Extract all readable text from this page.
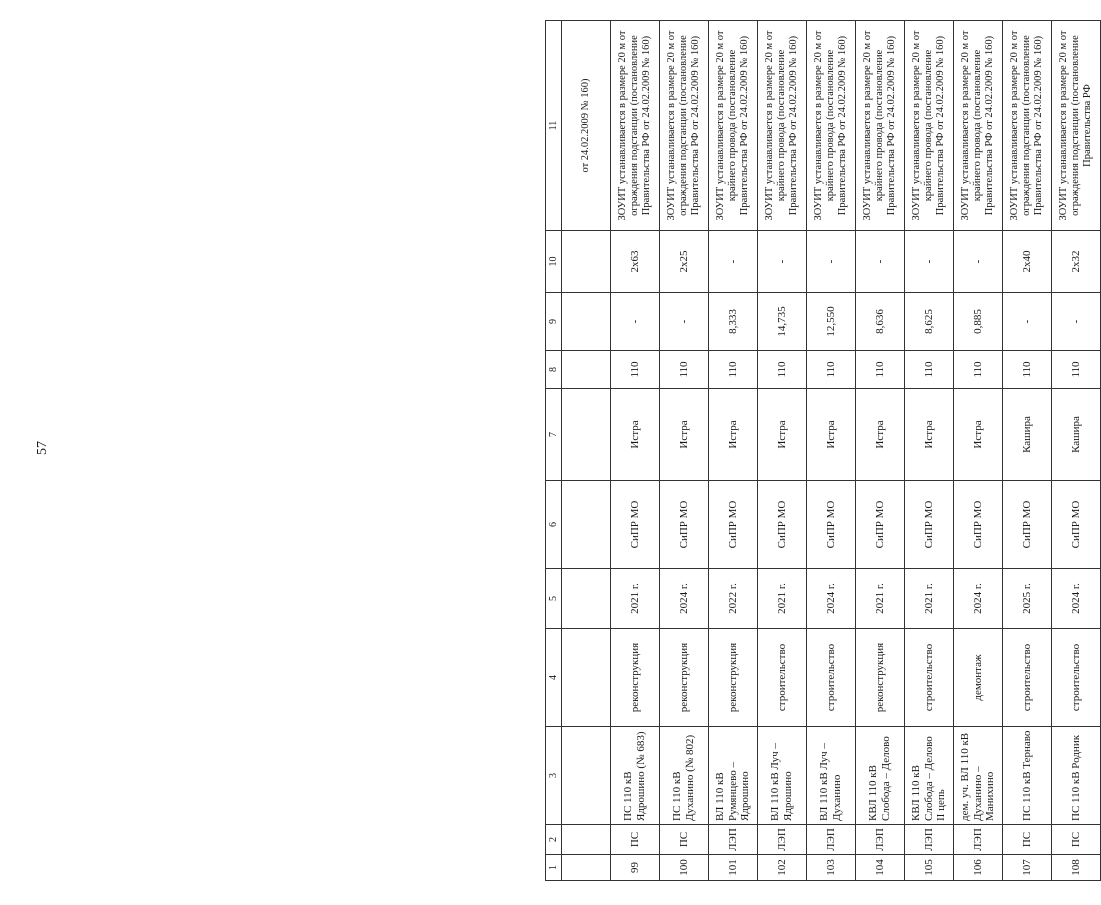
57
1	2	3	4	5	6	7	8	9	10	11
										от 24.02.2009 № 160)
99	ПС	ПС 110 кВ Ядрошино (№ 683)	реконструкция	2021 г.	СиПР МО	Истра	110	-	2x63	ЗОУИТ устанавливается в размере 20 м от ограждения подстанции (постановление Правительства РФ от 24.02.2009 № 160)
100	ПС	ПС 110 кВ Духанино (№ 802)	реконструкция	2024 г.	СиПР МО	Истра	110	-	2x25	ЗОУИТ устанавливается в размере 20 м от ограждения подстанции (постановление Правительства РФ от 24.02.2009 № 160)
101	ЛЭП	ВЛ 110 кВ Румянцево – Ядрошино	реконструкция	2022 г.	СиПР МО	Истра	110	8,333	-	ЗОУИТ устанавливается в размере 20 м от крайнего провода (постановление Правительства РФ от 24.02.2009 № 160)
102	ЛЭП	ВЛ 110 кВ Луч – Ядрошино	строительство	2021 г.	СиПР МО	Истра	110	14,735	-	ЗОУИТ устанавливается в размере 20 м от крайнего провода (постановление Правительства РФ от 24.02.2009 № 160)
103	ЛЭП	ВЛ 110 кВ Луч – Духанино	строительство	2024 г.	СиПР МО	Истра	110	12,550	-	ЗОУИТ устанавливается в размере 20 м от крайнего провода (постановление Правительства РФ от 24.02.2009 № 160)
104	ЛЭП	КВЛ 110 кВ Слобода – Делово	реконструкция	2021 г.	СиПР МО	Истра	110	8,636	-	ЗОУИТ устанавливается в размере 20 м от крайнего провода (постановление Правительства РФ от 24.02.2009 № 160)
105	ЛЭП	КВЛ 110 кВ Слобода – Делово II цепь	строительство	2021 г.	СиПР МО	Истра	110	8,625	-	ЗОУИТ устанавливается в размере 20 м от крайнего провода (постановление Правительства РФ от 24.02.2009 № 160)
106	ЛЭП	дем. уч. ВЛ 110 кВ Духанино – Манихино	демонтаж	2024 г.	СиПР МО	Истра	110	0,885	-	ЗОУИТ устанавливается в размере 20 м от крайнего провода (постановление Правительства РФ от 24.02.2009 № 160)
107	ПС	ПС 110 кВ Тернаво	строительство	2025 г.	СиПР МО	Кашира	110	-	2x40	ЗОУИТ устанавливается в размере 20 м от ограждения подстанции (постановление Правительства РФ от 24.02.2009 № 160)
108	ПС	ПС 110 кВ Родник	строительство	2024 г.	СиПР МО	Кашира	110	-	2x32	ЗОУИТ устанавливается в размере 20 м от ограждения подстанции (постановление Правительства РФ
